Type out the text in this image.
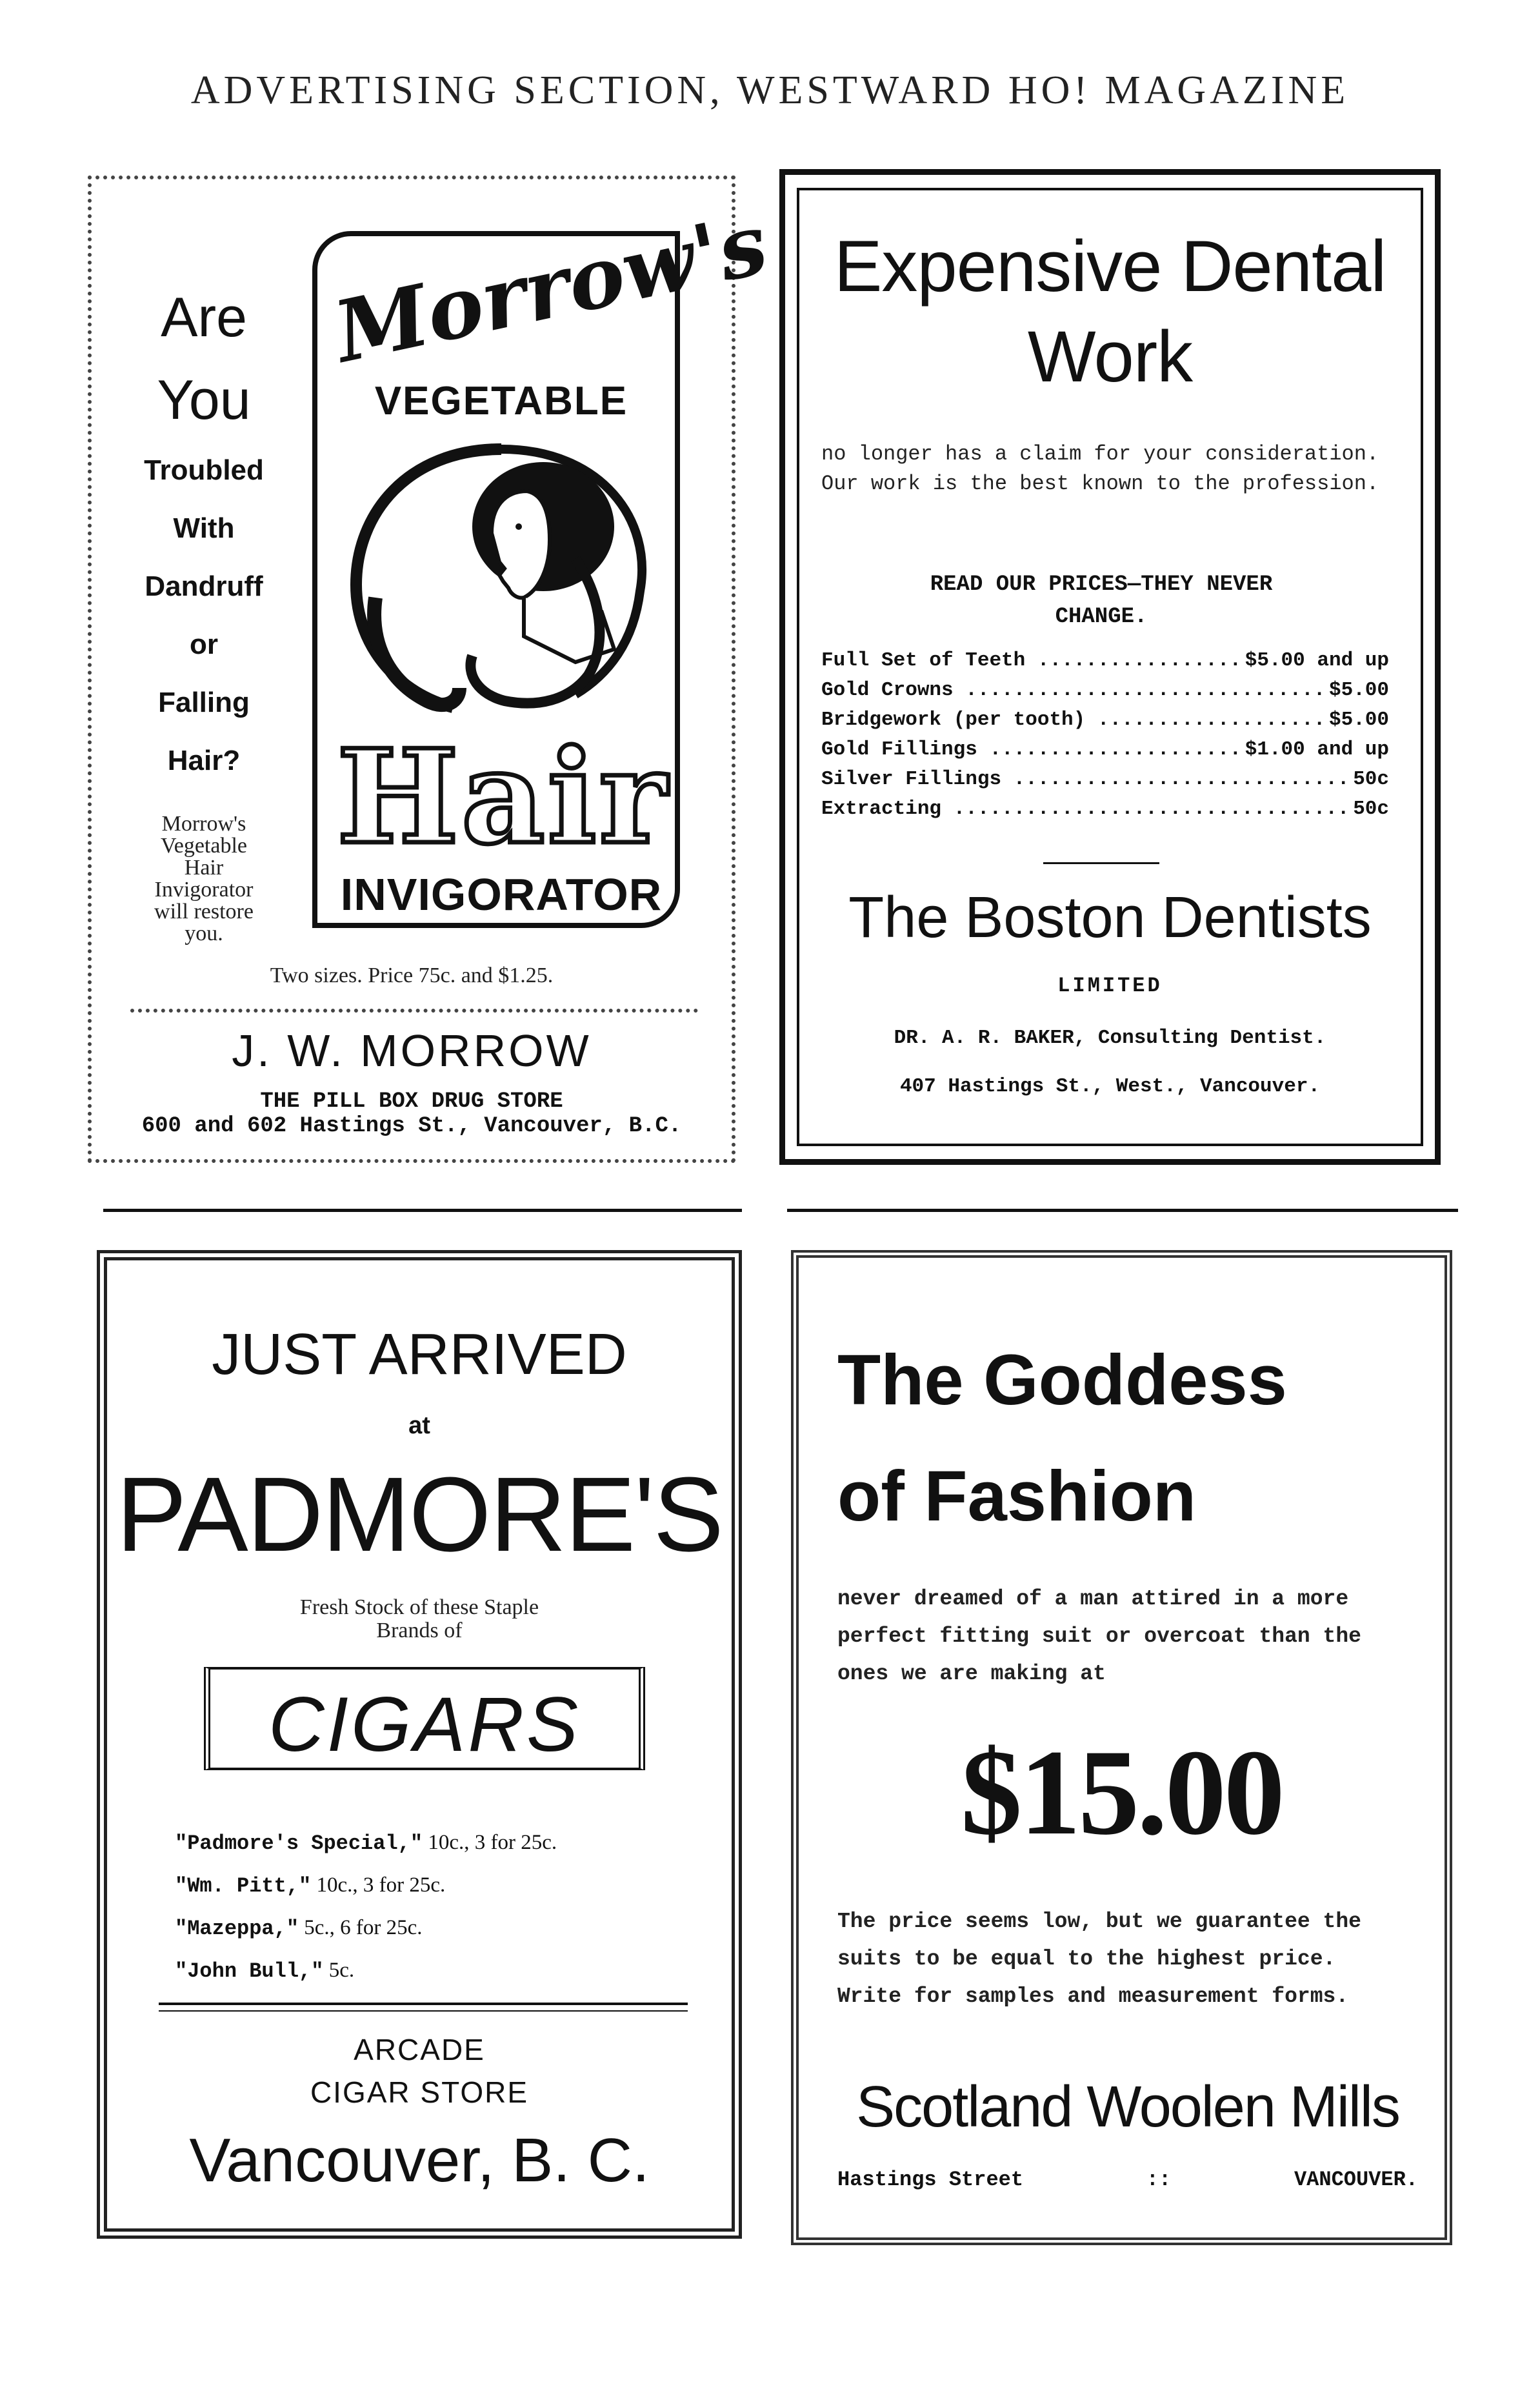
ADVERTISING SECTION, WESTWARD HO! MAGAZINE
Are
You
Troubled
With
Dandruff
or
Falling
Hair?
Morrow's
Vegetable
Hair
Invigorator
will restore
you.
Morrow's
VEGETABLE
Hair
INVIGORATOR
Two sizes. Price 75c. and $1.25.
J. W. MORROW
THE PILL BOX DRUG STORE
600 and 602 Hastings St., Vancouver, B.C.
Expensive Dental
Work
no longer has a claim for your consideration. Our work is the best known to the profession.
READ OUR PRICES—THEY NEVER
CHANGE.
Full Set of Teeth .....	$5.00 and up
Gold Crowns .....	$5.00
Bridgework (per tooth) .....	$5.00
Gold Fillings .....	$1.00 and up
Silver Fillings .....	50c
Extracting .....	50c
The Boston Dentists
LIMITED
DR. A. R. BAKER, Consulting Dentist.
407 Hastings St., West., Vancouver.
JUST ARRIVED
at
PADMORE'S
Fresh Stock of these Staple
Brands of
CIGARS
"Padmore's Special," 10c., 3 for 25c.
"Wm. Pitt," 10c., 3 for 25c.
"Mazeppa," 5c., 6 for 25c.
"John Bull," 5c.
ARCADE
CIGAR STORE
Vancouver, B. C.
The Goddess
of Fashion
never dreamed of a man attired in a more perfect fitting suit or overcoat than the ones we are making at
$15.00
The price seems low, but we guarantee the suits to be equal to the highest price. Write for samples and measurement forms.
Scotland Woolen Mills
Hastings Street	::	VANCOUVER.
